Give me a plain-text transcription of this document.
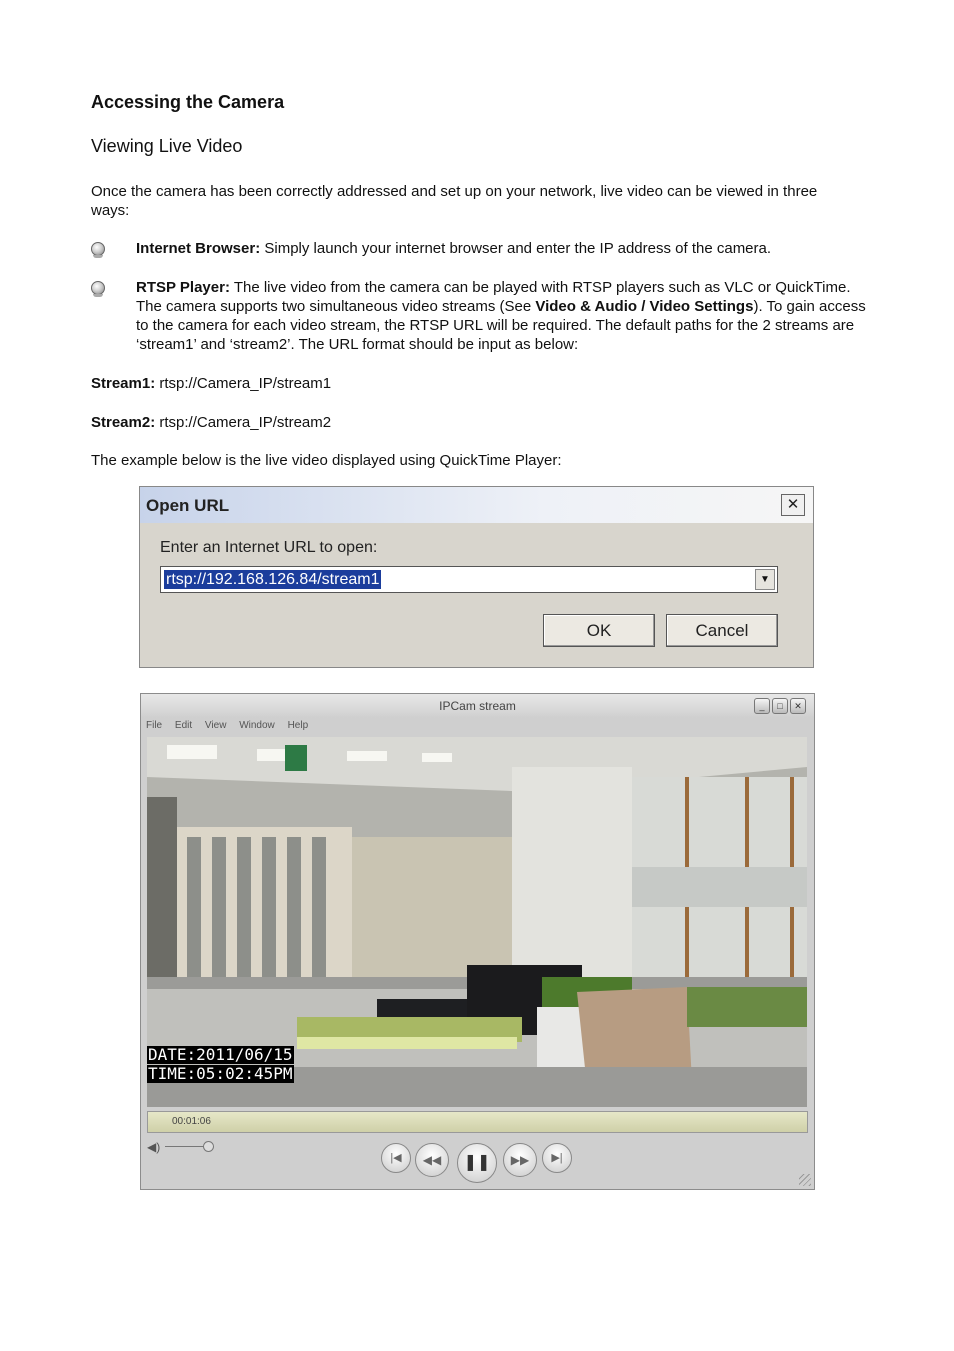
Accessing the Camera
Viewing Live Video
Once the camera has been correctly addressed and set up on your network, live video can be viewed in three ways:
Internet Browser: Simply launch your internet browser and enter the IP address of the camera.
RTSP Player: The live video from the camera can be played with RTSP players such as VLC or QuickTime. The camera supports two simultaneous video streams (See Video & Audio / Video Settings). To gain access to the camera for each video stream, the RTSP URL will be required. The default paths for the 2 streams are ‘stream1’ and ‘stream2’. The URL format should be input as below:
Stream1: rtsp://Camera_IP/stream1
Stream2: rtsp://Camera_IP/stream2
The example below is the live video displayed using QuickTime Player:
Open URL	✕
Enter an Internet URL to open:
rtsp://192.168.126.84/stream1	▼
OK	Cancel
IPCam stream	_	□	✕
File Edit View Window Help
DATE:2011/06/15
TIME:05:02:45PM
00:01:06
◀)
|◀	◀◀	❚❚	▶▶	▶|
